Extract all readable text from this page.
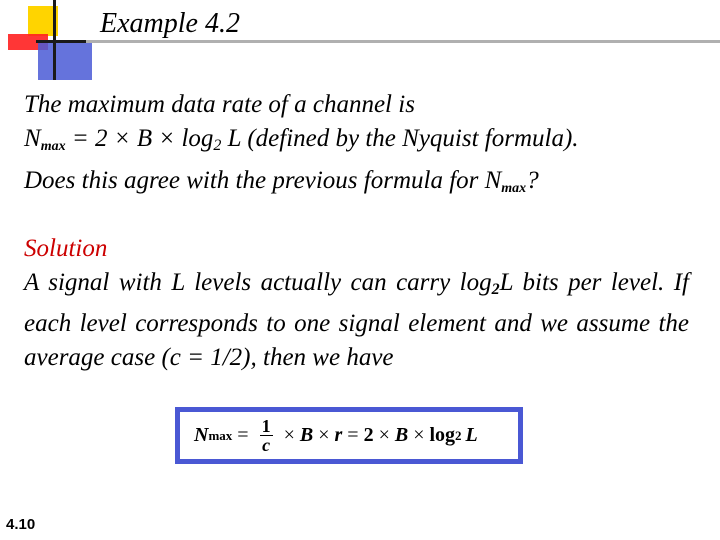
Example 4.2
The maximum data rate of a channel is
$N_{max} = 2 \times B \times \log 2$ L (defined by the Nyquist formula).
Does this agree with the previous formula for $N_{max}$?
Solution
A signal with L levels actually can carry log2L bits per level. If each level corresponds to one signal element and we assume the average case (c = 1/2), then we have
N $\max = \frac{1}{c} \times B \times r = 2 \times B \times \log 2$ L
4.10
